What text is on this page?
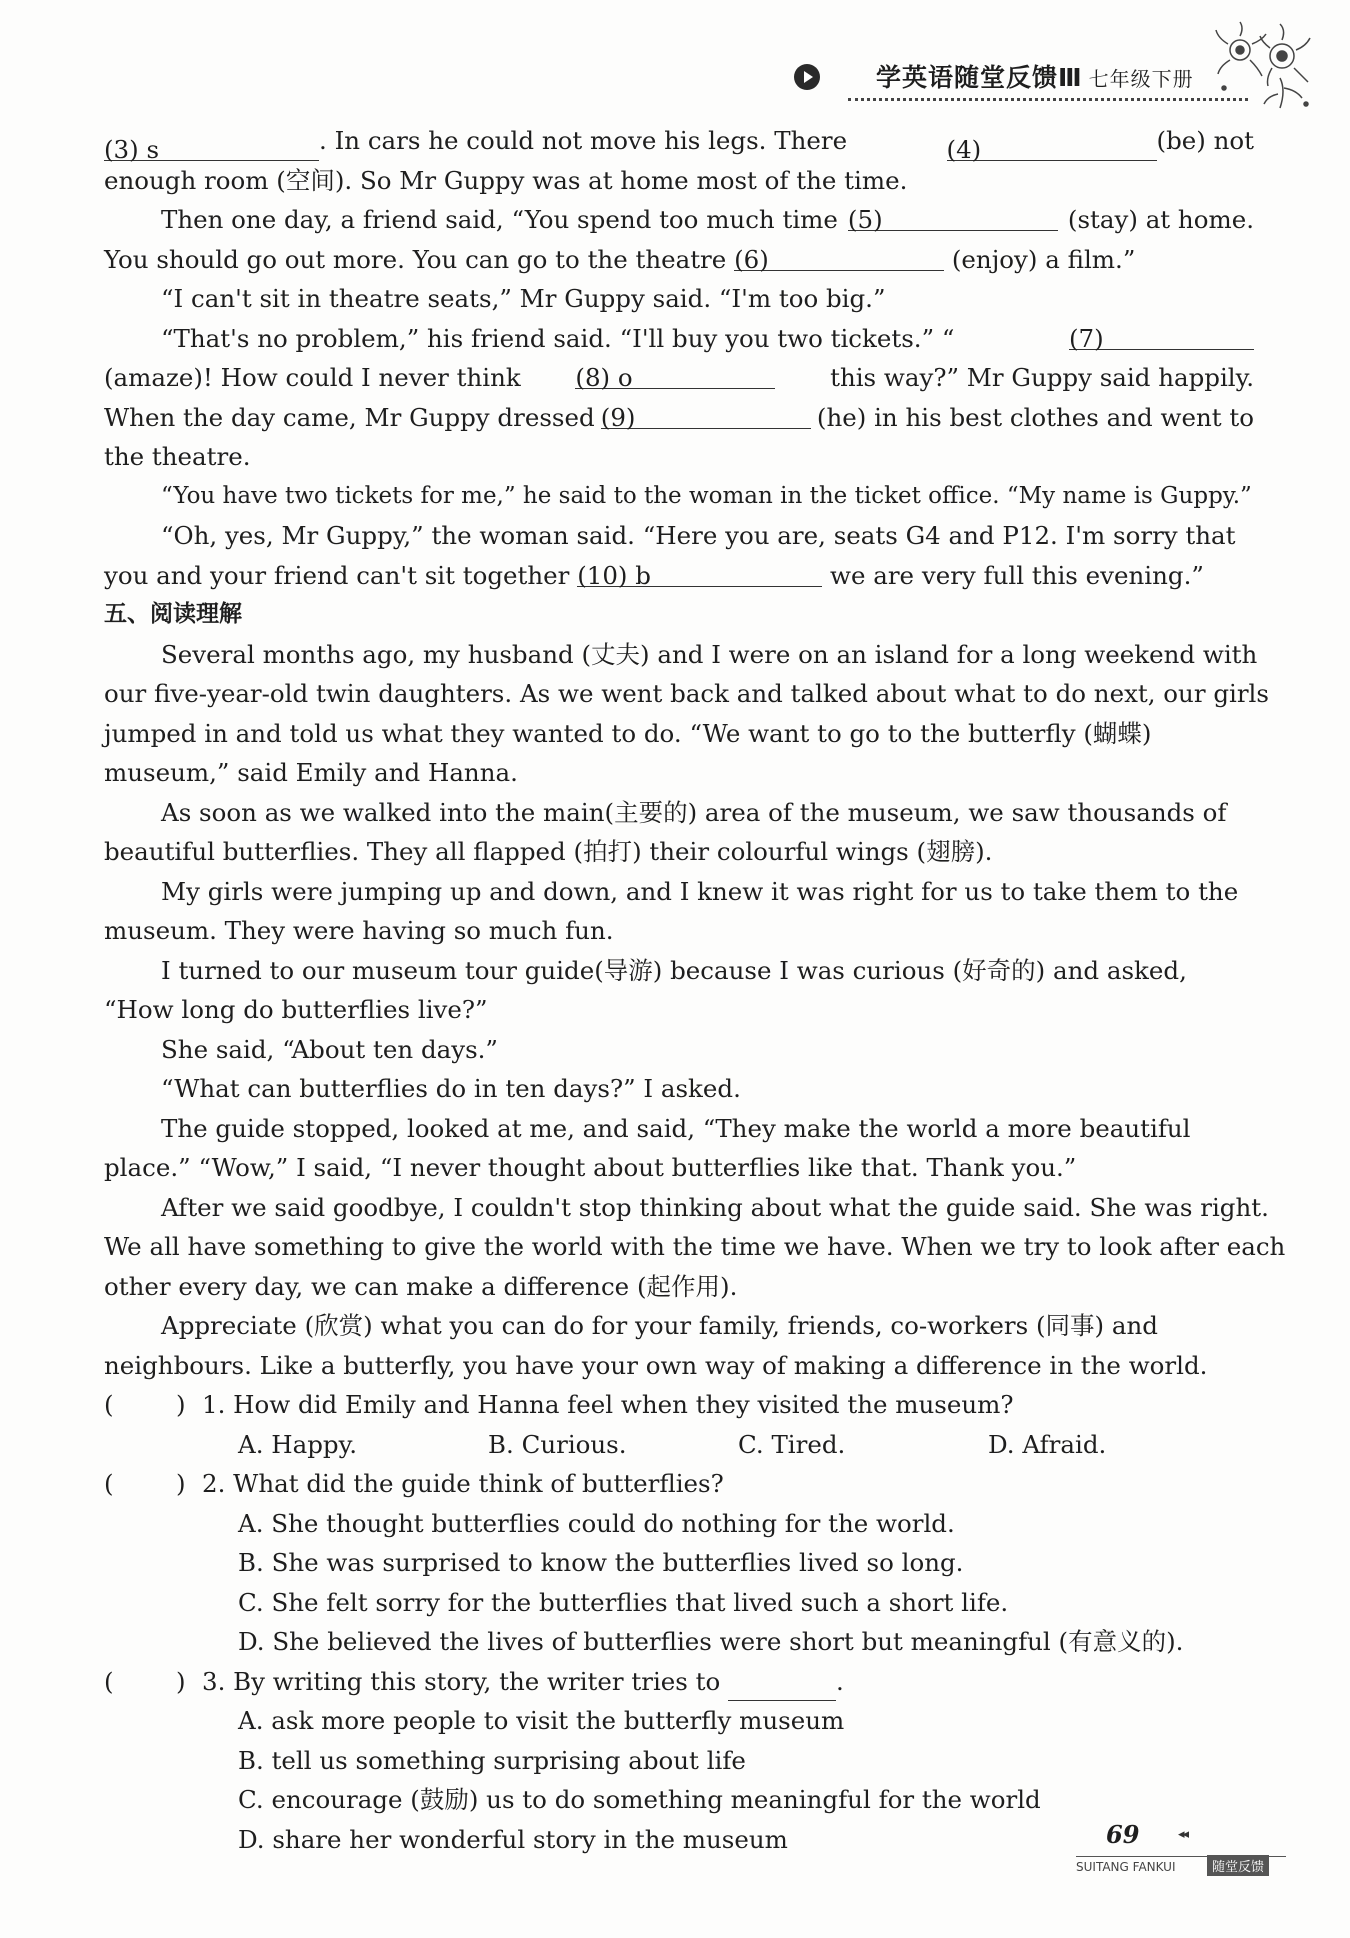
学英语随堂反馈Ⅲ 七年级下册
(3) s	. In cars he could not move his legs. There	(4)	(be) not
enough room (空间). So Mr Guppy was at home most of the time.
Then one day, a friend said, “You spend too much time (5)	(stay) at home.
You should go out more. You can go to the theatre
(6)
	(enjoy) a film.”
“I can't sit in theatre seats,” Mr Guppy said. “I'm too big.”
“That's no problem,” his friend said. “I'll buy you two tickets.” “	(7)
(amaze)! How could I never think (8) o	this way?” Mr Guppy said happily.
When the day came, Mr Guppy dressed (9)	(he) in his best clothes and went to
the theatre.
“You have two tickets for me,” he said to the woman in the ticket office. “My name is Guppy.”
“Oh, yes, Mr Guppy,” the woman said. “Here you are, seats G4 and P12. I'm sorry that
you and your friend can't sit together
(10) b
	we are very full this evening.”
五、阅读理解
Several months ago, my husband (丈夫) and I were on an island for a long weekend with
our five-year-old twin daughters. As we went back and talked about what to do next, our girls
jumped in and told us what they wanted to do. “We want to go to the butterfly (蝴蝶)
museum,” said Emily and Hanna.
As soon as we walked into the main(主要的) area of the museum, we saw thousands of
beautiful butterflies. They all flapped (拍打) their colourful wings (翅膀).
My girls were jumping up and down, and I knew it was right for us to take them to the
museum. They were having so much fun.
I turned to our museum tour guide(导游) because I was curious (好奇的) and asked,
“How long do butterflies live?”
She said, “About ten days.”
“What can butterflies do in ten days?” I asked.
The guide stopped, looked at me, and said, “They make the world a more beautiful
place.” “Wow,” I said, “I never thought about butterflies like that. Thank you.”
After we said goodbye, I couldn't stop thinking about what the guide said. She was right.
We all have something to give the world with the time we have. When we try to look after each
other every day, we can make a difference (起作用).
Appreciate (欣赏) what you can do for your family, friends, co-workers (同事) and
neighbours. Like a butterfly, you have your own way of making a difference in the world.
(	) 1. How did Emily and Hanna feel when they visited the museum?
A. Happy.	B. Curious.	C. Tired.	D. Afraid.
(	) 2. What did the guide think of butterflies?
A. She thought butterflies could do nothing for the world.
B. She was surprised to know the butterflies lived so long.
C. She felt sorry for the butterflies that lived such a short life.
D. She believed the lives of butterflies were short but meaningful (有意义的).
(	) 3. By writing this story, the writer tries to	.
A. ask more people to visit the butterfly museum
B. tell us something surprising about life
C. encourage (鼓励) us to do something meaningful for the world
D. share her wonderful story in the museum	69	◂◂
SUITANG FANKUI	随堂反馈
